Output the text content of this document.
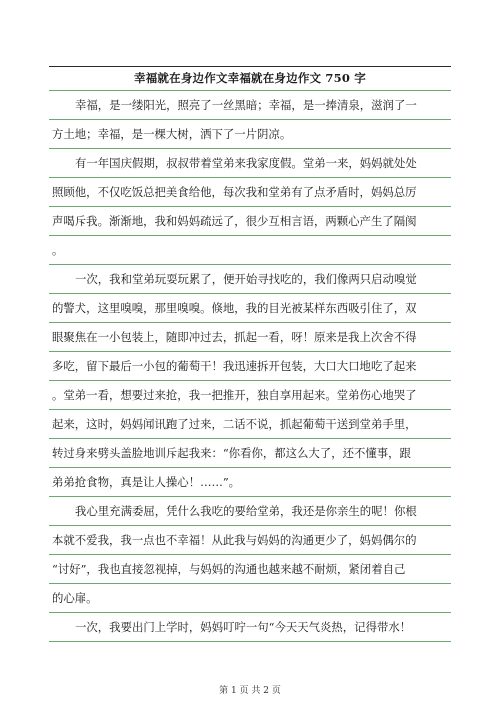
幸福就在身边作文幸福就在身边作文 750 字
幸福，是一缕阳光，照亮了一丝黑暗；幸福，是一捧清泉，滋润了一
方土地；幸福，是一棵大树，洒下了一片阴凉。
有一年国庆假期，叔叔带着堂弟来我家度假。堂弟一来，妈妈就处处
照顾他，不仅吃饭总把美食给他，每次我和堂弟有了点矛盾时，妈妈总厉
声喝斥我。渐渐地，我和妈妈疏远了，很少互相言语，两颗心产生了隔阂
。
一次，我和堂弟玩耍玩累了，便开始寻找吃的，我们像两只启动嗅觉
的警犬，这里嗅嗅，那里嗅嗅。倏地，我的目光被某样东西吸引住了，双
眼聚焦在一小包装上，随即冲过去，抓起一看，呀！原来是我上次舍不得
多吃，留下最后一小包的葡萄干！我迅速拆开包装，大口大口地吃了起来
。堂弟一看，想要过来抢，我一把推开，独自享用起来。堂弟伤心地哭了
起来，这时，妈妈闻讯跑了过来，二话不说，抓起葡萄干送到堂弟手里，
转过身来劈头盖脸地训斥起我来：“你看你，都这么大了，还不懂事，跟
弟弟抢食物，真是让人操心！……”。
我心里充满委屈，凭什么我吃的要给堂弟，我还是你亲生的呢！你根
本就不爱我，我一点也不幸福！从此我与妈妈的沟通更少了，妈妈偶尔的
“讨好”，我也直接忽视掉，与妈妈的沟通也越来越不耐烦，紧闭着自己
的心扉。
一次，我要出门上学时，妈妈叮咛一句“今天天气炎热，记得带水！
第 1 页 共 2 页
